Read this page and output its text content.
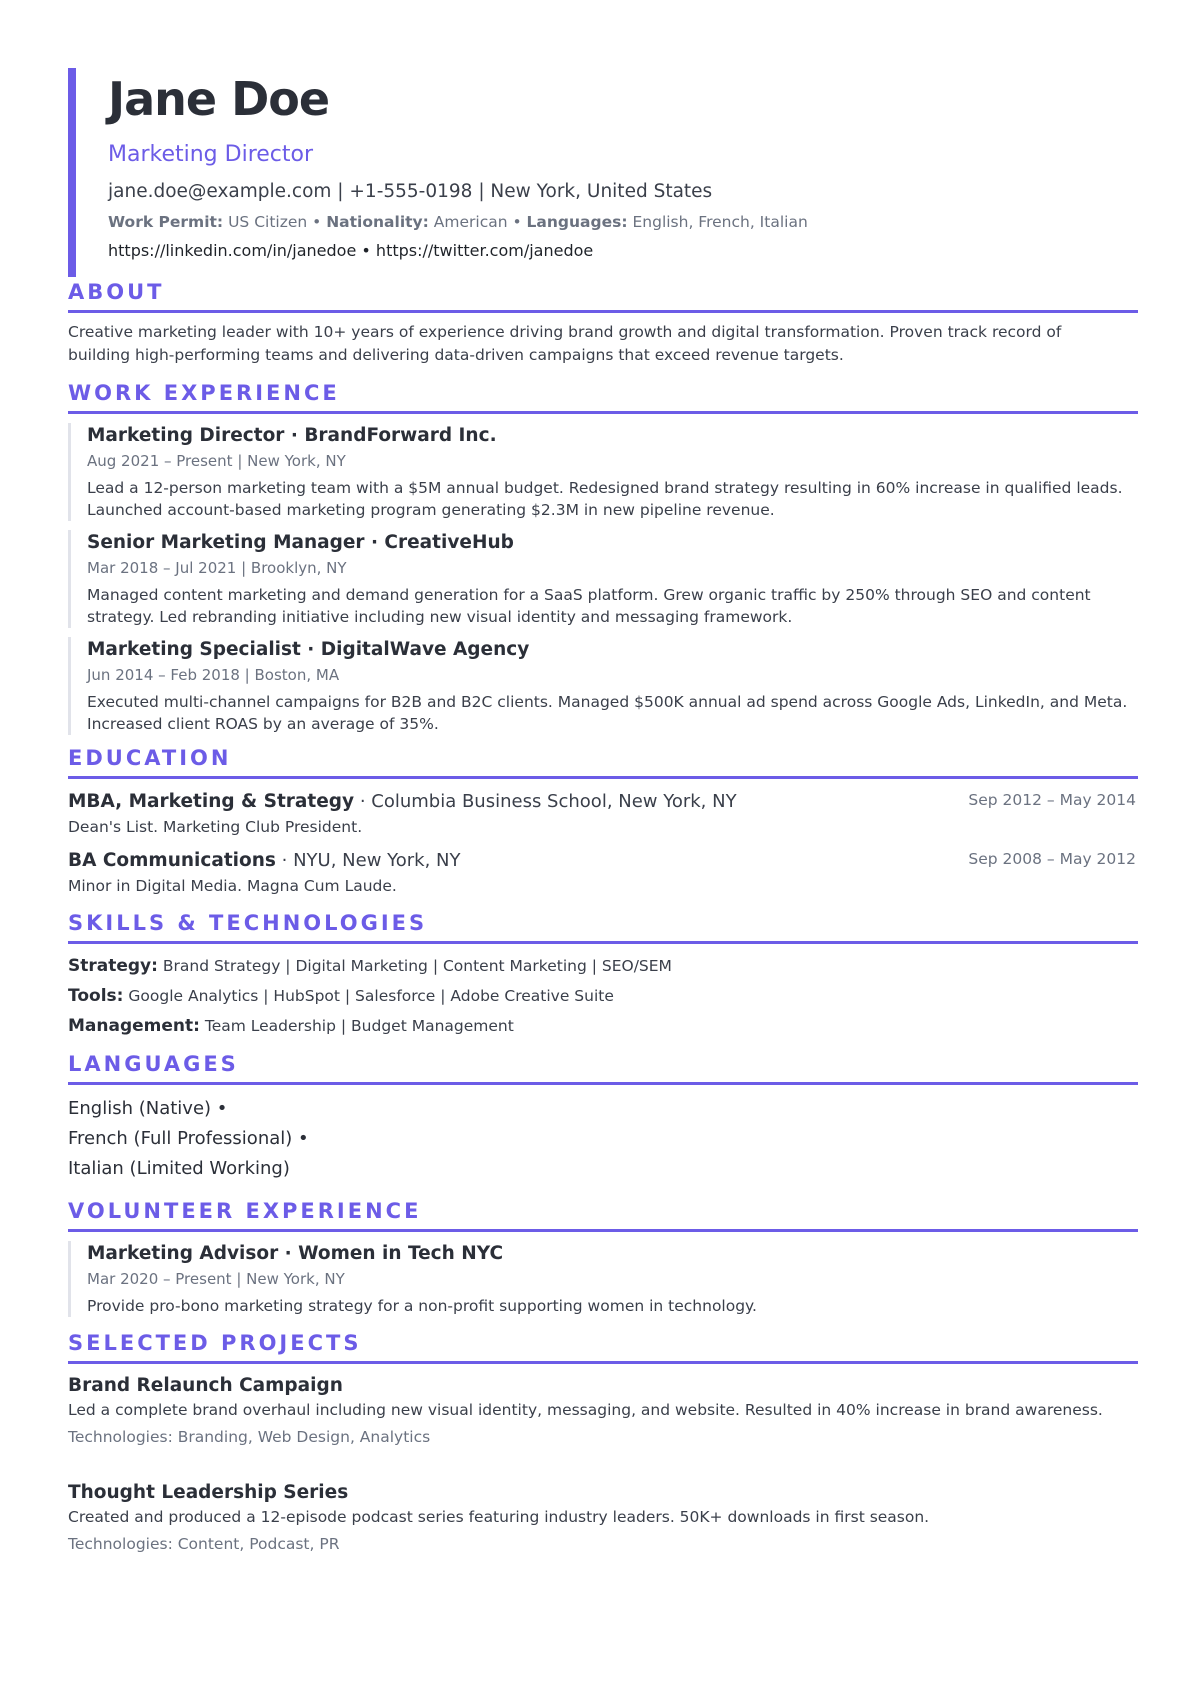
Jane Doe
Marketing Director
jane.doe@example.com | +1-555-0198 | New York, United States
Work Permit: US Citizen • Nationality: American • Languages: English, French, Italian
https://linkedin.com/in/janedoe • https://twitter.com/janedoe
ABOUT
Creative marketing leader with 10+ years of experience driving brand growth and digital transformation. Proven track record of building high-performing teams and delivering data-driven campaigns that exceed revenue targets.
WORK EXPERIENCE
Marketing Director · BrandForward Inc.
Aug 2021 – Present | New York, NY
Lead a 12-person marketing team with a $5M annual budget. Redesigned brand strategy resulting in 60% increase in qualified leads. Launched account-based marketing program generating $2.3M in new pipeline revenue.
Senior Marketing Manager · CreativeHub
Mar 2018 – Jul 2021 | Brooklyn, NY
Managed content marketing and demand generation for a SaaS platform. Grew organic traffic by 250% through SEO and content strategy. Led rebranding initiative including new visual identity and messaging framework.
Marketing Specialist · DigitalWave Agency
Jun 2014 – Feb 2018 | Boston, MA
Executed multi-channel campaigns for B2B and B2C clients. Managed $500K annual ad spend across Google Ads, LinkedIn, and Meta. Increased client ROAS by an average of 35%.
EDUCATION
MBA, Marketing & Strategy · Columbia Business School, New York, NY	Sep 2012 – May 2014
Dean's List. Marketing Club President.
BA Communications · NYU, New York, NY	Sep 2008 – May 2012
Minor in Digital Media. Magna Cum Laude.
SKILLS & TECHNOLOGIES
Strategy: Brand Strategy | Digital Marketing | Content Marketing | SEO/SEM
Tools: Google Analytics | HubSpot | Salesforce | Adobe Creative Suite
Management: Team Leadership | Budget Management
LANGUAGES
English (Native) •
French (Full Professional) •
Italian (Limited Working)
VOLUNTEER EXPERIENCE
Marketing Advisor · Women in Tech NYC
Mar 2020 – Present | New York, NY
Provide pro-bono marketing strategy for a non-profit supporting women in technology.
SELECTED PROJECTS
Brand Relaunch Campaign
Led a complete brand overhaul including new visual identity, messaging, and website. Resulted in 40% increase in brand awareness.
Technologies: Branding, Web Design, Analytics
Thought Leadership Series
Created and produced a 12-episode podcast series featuring industry leaders. 50K+ downloads in first season.
Technologies: Content, Podcast, PR
